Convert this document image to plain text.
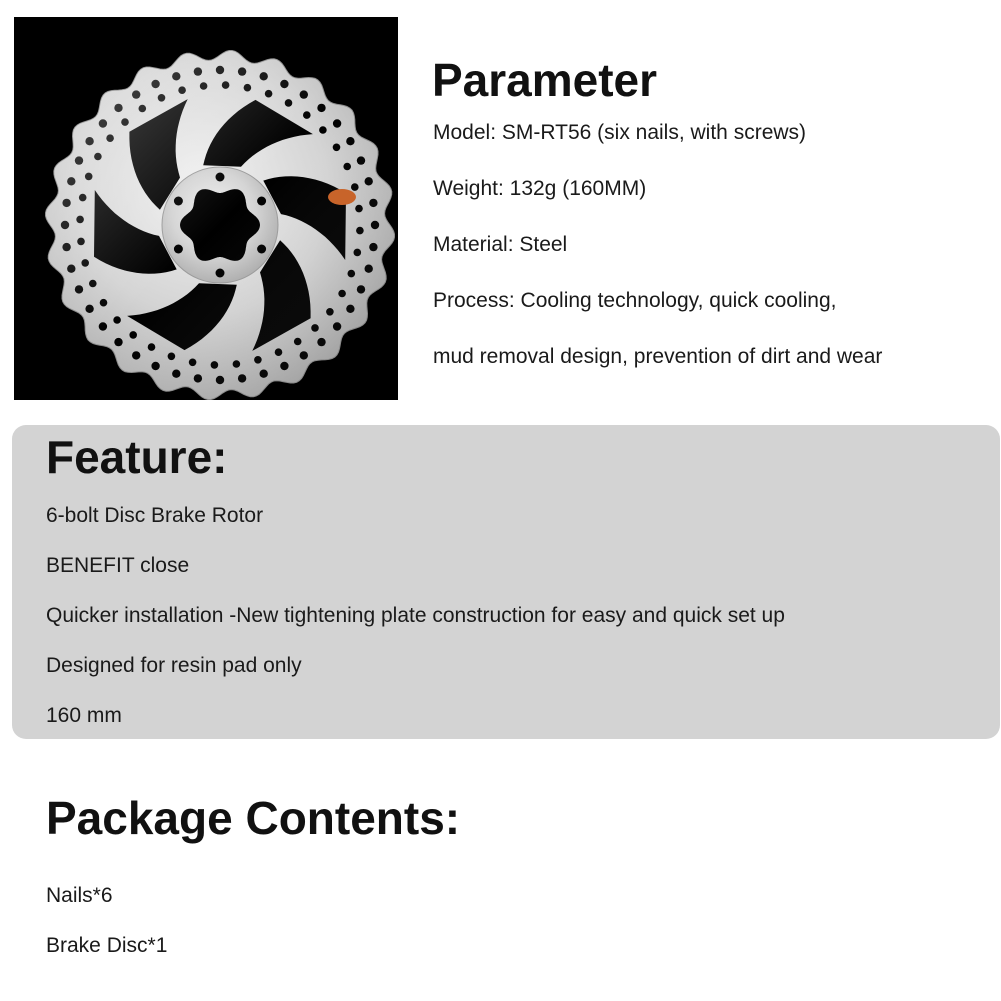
Parameter

Model: SM-RT56 (six nails, with screws)

Weight: 132g (160MM)

Material: Steel

Process: Cooling technology, quick cooling,

mud removal design, prevention of dirt and wear

Feature:

6-bolt Disc Brake Rotor

BENEFIT close

Quicker installation -New tightening plate construction for easy and quick set up

Designed for resin pad only

160 mm

Package Contents:

Nails*6

Brake Disc*1
